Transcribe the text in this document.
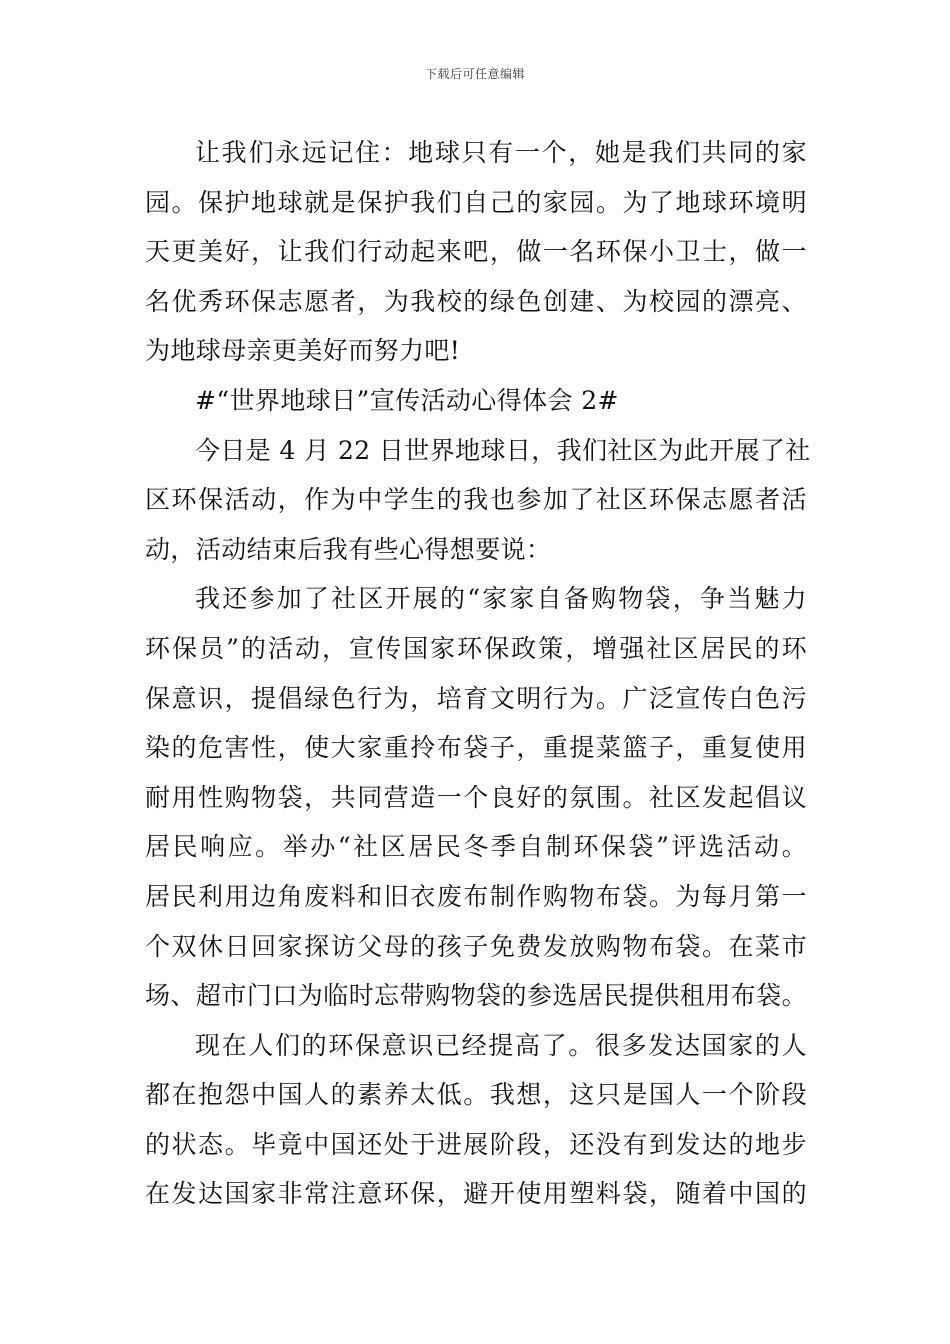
下载后可任意编辑
让我们永远记住：地球只有一个，她是我们共同的家
园。保护地球就是保护我们自己的家园。为了地球环境明
天更美好，让我们行动起来吧，做一名环保小卫士，做一
名优秀环保志愿者，为我校的绿色创建、为校园的漂亮、
为地球母亲更美好而努力吧!
#“世界地球日”宣传活动心得体会 2#
今日是 4 月 22 日世界地球日，我们社区为此开展了社
区环保活动，作为中学生的我也参加了社区环保志愿者活
动，活动结束后我有些心得想要说：
我还参加了社区开展的“家家自备购物袋，争当魅力
环保员”的活动，宣传国家环保政策，增强社区居民的环
保意识，提倡绿色行为，培育文明行为。广泛宣传白色污
染的危害性，使大家重拎布袋子，重提菜篮子，重复使用
耐用性购物袋，共同营造一个良好的氛围。社区发起倡议
居民响应。举办“社区居民冬季自制环保袋”评选活动。
居民利用边角废料和旧衣废布制作购物布袋。为每月第一
个双休日回家探访父母的孩子免费发放购物布袋。在菜市
场、超市门口为临时忘带购物袋的参选居民提供租用布袋。
现在人们的环保意识已经提高了。很多发达国家的人
都在抱怨中国人的素养太低。我想，这只是国人一个阶段
的状态。毕竟中国还处于进展阶段，还没有到发达的地步
在发达国家非常注意环保，避开使用塑料袋，随着中国的
